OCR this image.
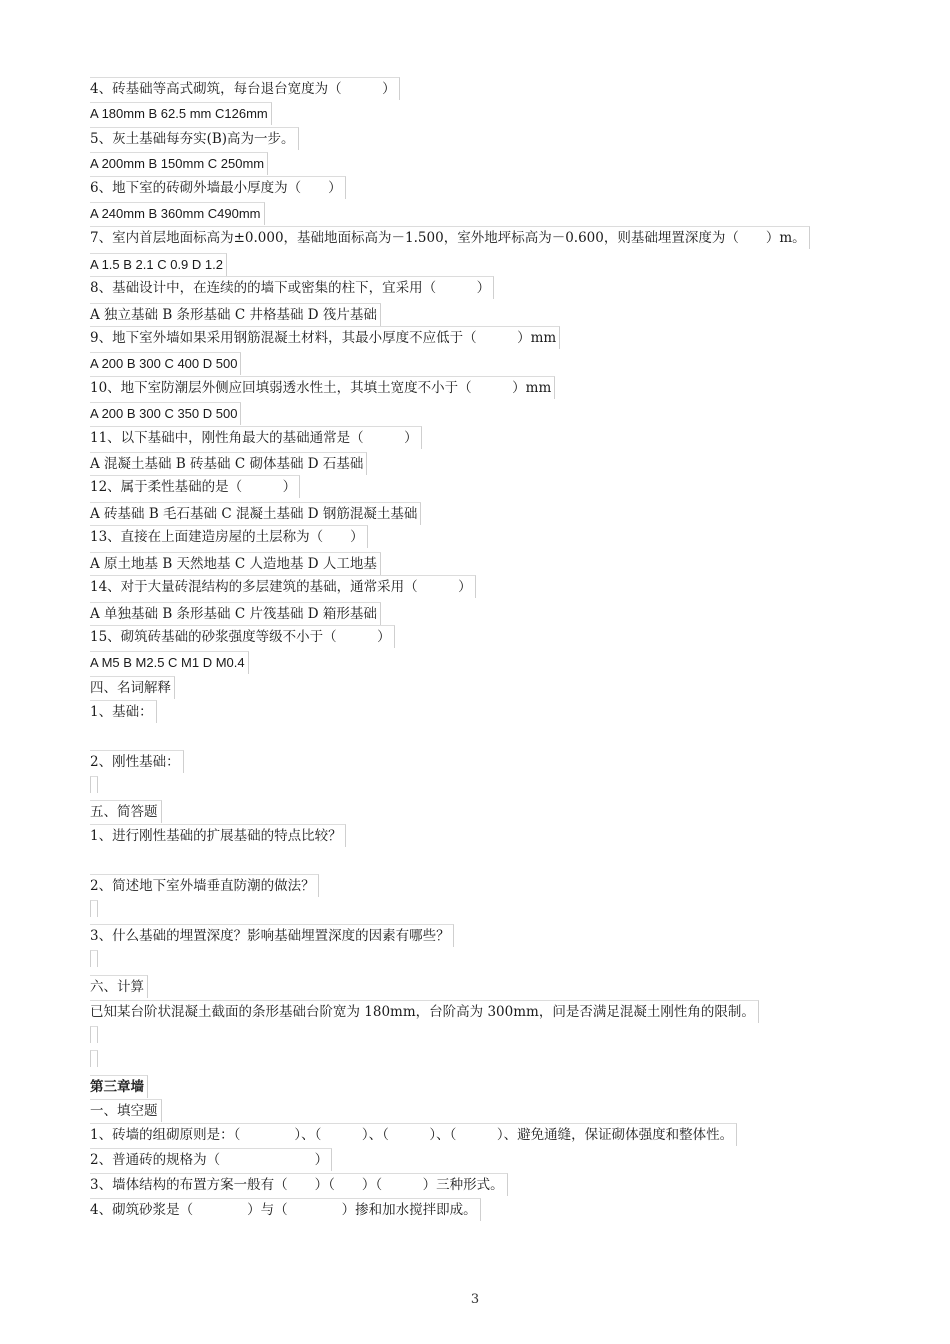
4、砖基础等高式砌筑，每台退台宽度为（　　　）
A 180mm B 62.5 mm C126mm
5、灰土基础每夯实(B)高为一步。
A 200mm B 150mm C 250mm
6、地下室的砖砌外墙最小厚度为（　　）
A 240mm B 360mm C490mm
7、室内首层地面标高为±0.000，基础地面标高为－1.500，室外地坪标高为－0.600，则基础埋置深度为（　　）m。
A 1.5 B 2.1 C 0.9 D 1.2
8、基础设计中，在连续的的墙下或密集的柱下，宜采用（　　　）
A 独立基础 B 条形基础 C 井格基础 D 筏片基础
9、地下室外墙如果采用钢筋混凝土材料，其最小厚度不应低于（　　　）mm
A 200 B 300 C 400 D 500
10、地下室防潮层外侧应回填弱透水性土，其填土宽度不小于（　　　）mm
A 200 B 300 C 350 D 500
11、以下基础中，刚性角最大的基础通常是（　　　）
A 混凝土基础 B 砖基础 C 砌体基础 D 石基础
12、属于柔性基础的是（　　　）
A 砖基础 B 毛石基础 C 混凝土基础 D 钢筋混凝土基础
13、直接在上面建造房屋的土层称为（　　）
A 原土地基 B 天然地基 C 人造地基 D 人工地基
14、对于大量砖混结构的多层建筑的基础，通常采用（　　　）
A 单独基础 B 条形基础 C 片筏基础 D 箱形基础
15、砌筑砖基础的砂浆强度等级不小于（　　　）
A M5 B M2.5 C M1 D M0.4
四、名词解释
1、基础：
2、刚性基础：
五、简答题
1、进行刚性基础的扩展基础的特点比较？
2、简述地下室外墙垂直防潮的做法？
3、什么基础的埋置深度？影响基础埋置深度的因素有哪些？
六、计算
已知某台阶状混凝土截面的条形基础台阶宽为 180mm，台阶高为 300mm，问是否满足混凝土刚性角的限制。
第三章墙
一、填空题
1、砖墙的组砌原则是：（　　　　）、（　　　）、（　　　）、（　　　）、避免通缝，保证砌体强度和整体性。
2、普通砖的规格为（　　　　　　　）
3、墙体结构的布置方案一般有（　　）（　　）（　　　）三种形式。
4、砌筑砂浆是（　　　　）与（　　　　）掺和加水搅拌即成。
3
